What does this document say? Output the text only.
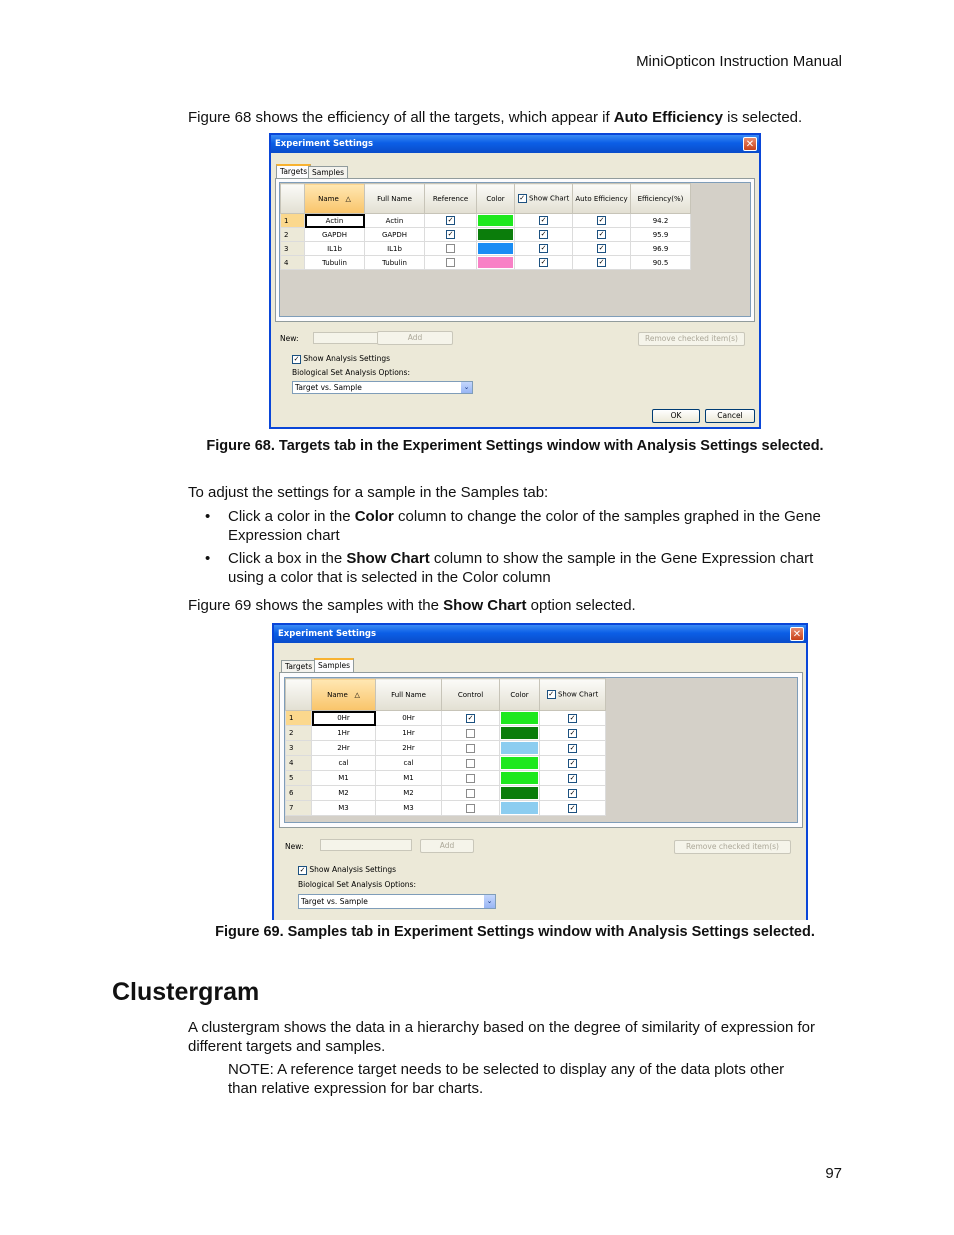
MiniOpticon Instruction Manual
Figure 68 shows the efficiency of all the targets, which appear if Auto Efficiency is selected.
Experiment Settings	✕
Targets Samples
	Name △	Full Name	Reference	Color	✓ Show Chart	Auto Efficiency	Efficiency(%)
1	Actin	Actin	✓		✓	✓	94.2
2	GAPDH	GAPDH	✓		✓	✓	95.9
3	IL1b	IL1b			✓	✓	96.9
4	Tubulin	Tubulin			✓	✓	90.5
New:	Add	Remove checked item(s)
✓ Show Analysis Settings
Biological Set Analysis Options:
Target vs. Sample	⌄
OK	Cancel
Figure 68. Targets tab in the Experiment Settings window with Analysis Settings selected.
To adjust the settings for a sample in the Samples tab:
• Click a color in the Color column to change the color of the samples graphed in the Gene Expression chart
• Click a box in the Show Chart column to show the sample in the Gene Expression chart using a color that is selected in the Color column
Figure 69 shows the samples with the Show Chart option selected.
Experiment Settings	✕
Targets Samples
	Name △	Full Name	Control	Color	✓ Show Chart
1	0Hr	0Hr	✓		✓
2	1Hr	1Hr			✓
3	2Hr	2Hr			✓
4	cal	cal			✓
5	M1	M1			✓
6	M2	M2			✓
7	M3	M3			✓
New:	Add	Remove checked item(s)
✓ Show Analysis Settings
Biological Set Analysis Options:
Target vs. Sample	⌄
Figure 69. Samples tab in Experiment Settings window with Analysis Settings selected.
Clustergram
A clustergram shows the data in a hierarchy based on the degree of similarity of expression for different targets and samples.
NOTE: A reference target needs to be selected to display any of the data plots other than relative expression for bar charts.
97
